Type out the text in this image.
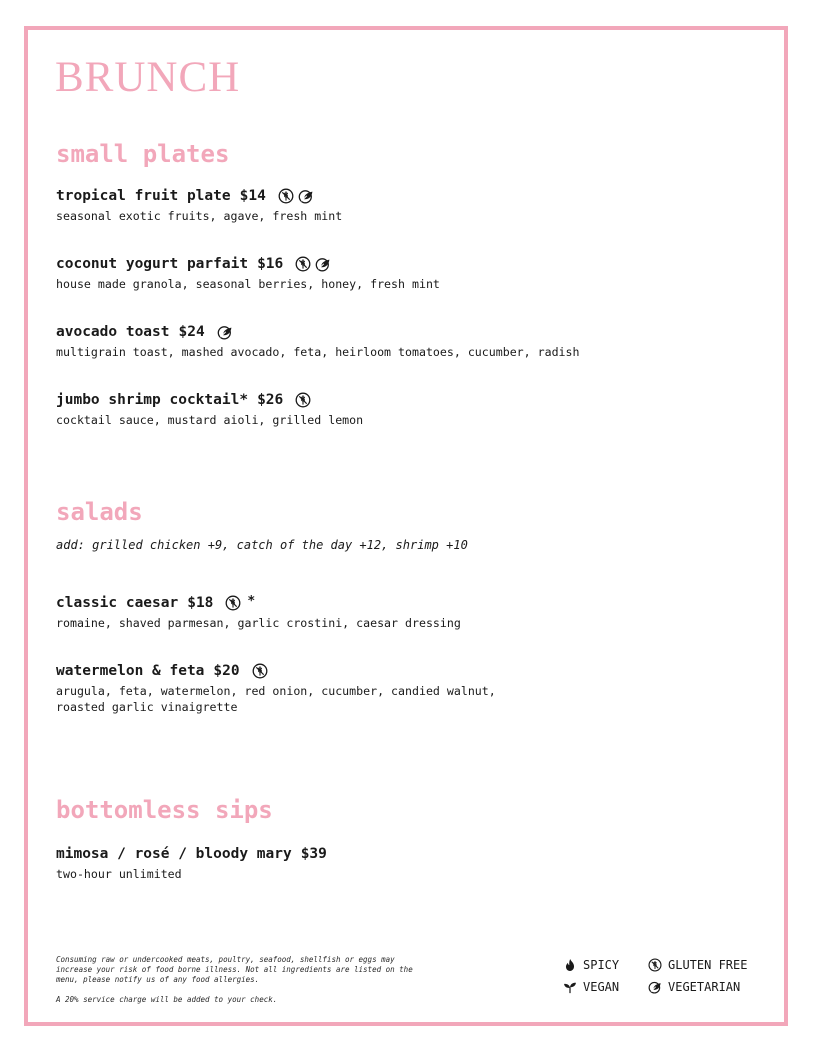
BRUNCH
small plates
tropical fruit plate $14
seasonal exotic fruits, agave, fresh mint
coconut yogurt parfait $16
house made granola, seasonal berries, honey, fresh mint
avocado toast $24
multigrain toast, mashed avocado, feta, heirloom tomatoes, cucumber, radish
jumbo shrimp cocktail* $26
cocktail sauce, mustard aioli, grilled lemon
salads
add: grilled chicken +9, catch of the day +12, shrimp +10
classic caesar $18	*
romaine, shaved parmesan, garlic crostini, caesar dressing
watermelon & feta $20
arugula, feta, watermelon, red onion, cucumber, candied walnut,
roasted garlic vinaigrette
bottomless sips
mimosa / rosé / bloody mary $39
two-hour unlimited
Consuming raw or undercooked meats, poultry, seafood, shellfish or eggs may
increase your risk of food borne illness. Not all ingredients are listed on the
menu, please notify us of any food allergies.
A 20% service charge will be added to your check.
SPICY	GLUTEN FREE
VEGAN	VEGETARIAN
